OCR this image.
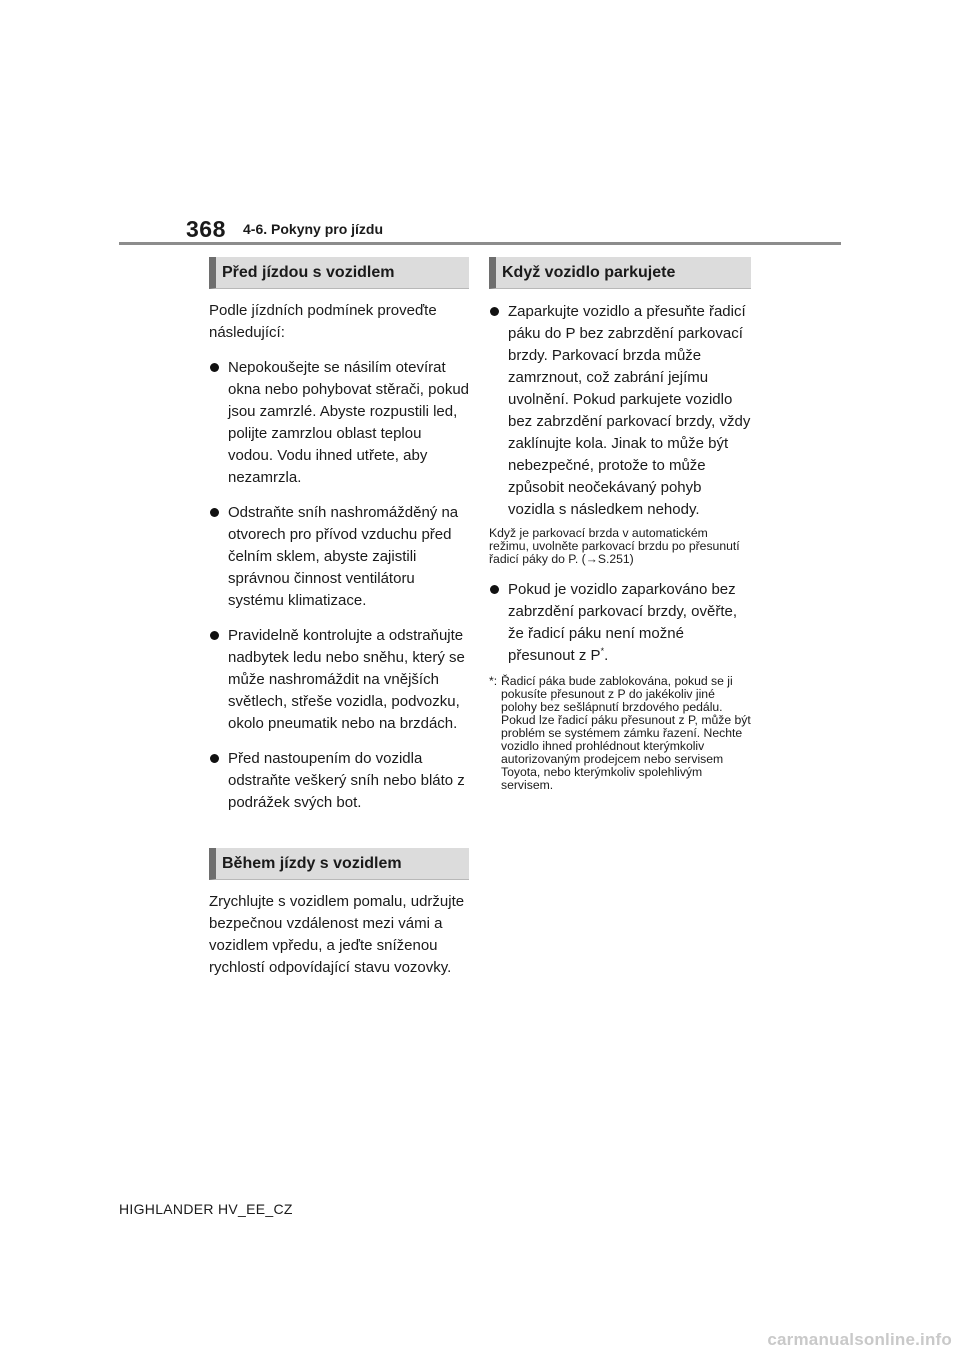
368 4-6. Pokyny pro jízdu
Před jízdou s vozidlem

Podle jízdních podmínek proveďte následující:

Nepokoušejte se násilím otevírat okna nebo pohybovat stěrači, pokud jsou zamrzlé. Abyste rozpustili led, polijte zamrzlou oblast teplou vodou. Vodu ihned utřete, aby nezamrzla.
Odstraňte sníh nashromážděný na otvorech pro přívod vzduchu před čelním sklem, abyste zajistili správnou činnost ventilátoru systému klimatizace.
Pravidelně kontrolujte a odstraňujte nadbytek ledu nebo sněhu, který se může nashromáždit na vnějších světlech, střeše vozidla, podvozku, okolo pneumatik nebo na brzdách.
Před nastoupením do vozidla odstraňte veškerý sníh nebo bláto z podrážek svých bot.
Během jízdy s vozidlem

Zrychlujte s vozidlem pomalu, udržujte bezpečnou vzdálenost mezi vámi a vozidlem vpředu, a jeďte sníženou rychlostí odpovídající stavu vozovky.

Když vozidlo parkujete
Zaparkujte vozidlo a přesuňte řadicí páku do P bez zabrzdění parkovací brzdy. Parkovací brzda může zamrznout, což zabrání jejímu uvolnění. Pokud parkujete vozidlo bez zabrzdění parkovací brzdy, vždy zaklínujte kola. Jinak to může být nebezpečné, protože to může způsobit neočekávaný pohyb vozidla s následkem nehody.

Když je parkovací brzda v automatickém režimu, uvolněte parkovací brzdu po přesunutí řadicí páky do P. (→S.251)

Pokud je vozidlo zaparkováno bez zabrzdění parkovací brzdy, ověřte, že řadicí páku není možné přesunout z P*.
*: Řadicí páka bude zablokována, pokud se ji pokusíte přesunout z P do jakékoliv jiné polohy bez sešlápnutí brzdového pedálu. Pokud lze řadicí páku přesunout z P, může být problém se systémem zámku řazení. Nechte vozidlo ihned prohlédnout kterýmkoliv autorizovaným prodejcem nebo servisem Toyota, nebo kterýmkoliv spolehlivým servisem.
HIGHLANDER HV_EE_CZ
carmanualsonline.info
